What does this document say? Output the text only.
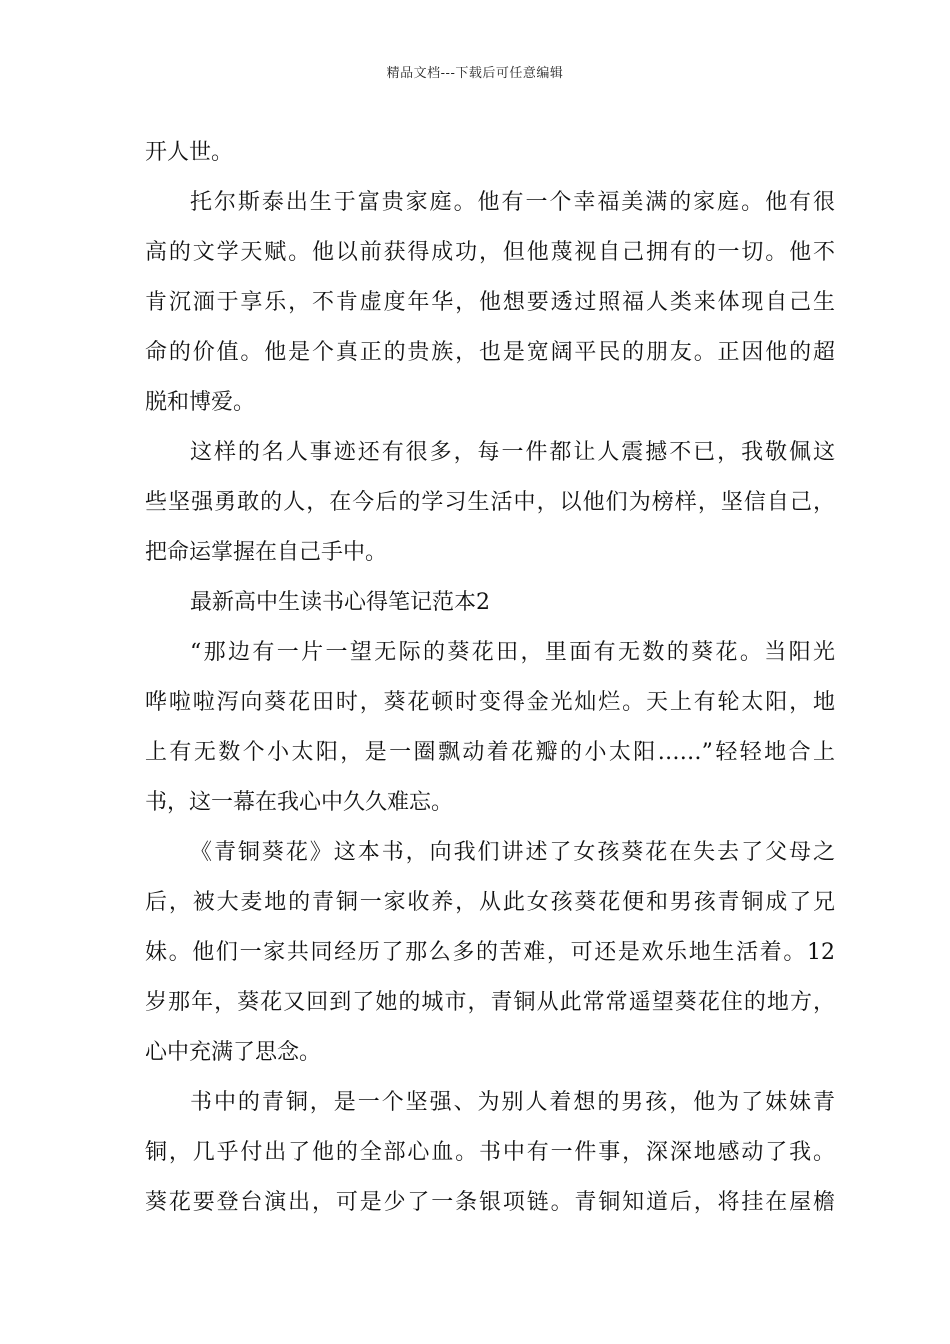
精品文档---下载后可任意编辑
开人世。
托尔斯泰出生于富贵家庭。他有一个幸福美满的家庭。他有很
高的文学天赋。他以前获得成功，但他蔑视自己拥有的一切。他不
肯沉湎于享乐，不肯虚度年华，他想要透过照福人类来体现自己生
命的价值。他是个真正的贵族，也是宽阔平民的朋友。正因他的超
脱和博爱。
这样的名人事迹还有很多，每一件都让人震撼不已，我敬佩这
些坚强勇敢的人，在今后的学习生活中，以他们为榜样，坚信自己，
把命运掌握在自己手中。
最新高中生读书心得笔记范本2
“那边有一片一望无际的葵花田，里面有无数的葵花。当阳光
哗啦啦泻向葵花田时，葵花顿时变得金光灿烂。天上有轮太阳，地
上有无数个小太阳，是一圈飘动着花瓣的小太阳……”轻轻地合上
书，这一幕在我心中久久难忘。
《青铜葵花》这本书，向我们讲述了女孩葵花在失去了父母之
后，被大麦地的青铜一家收养，从此女孩葵花便和男孩青铜成了兄
妹。他们一家共同经历了那么多的苦难，可还是欢乐地生活着。12
岁那年，葵花又回到了她的城市，青铜从此常常遥望葵花住的地方，
心中充满了思念。
书中的青铜，是一个坚强、为别人着想的男孩，他为了妹妹青
铜，几乎付出了他的全部心血。书中有一件事，深深地感动了我。
葵花要登台演出，可是少了一条银项链。青铜知道后，将挂在屋檐
